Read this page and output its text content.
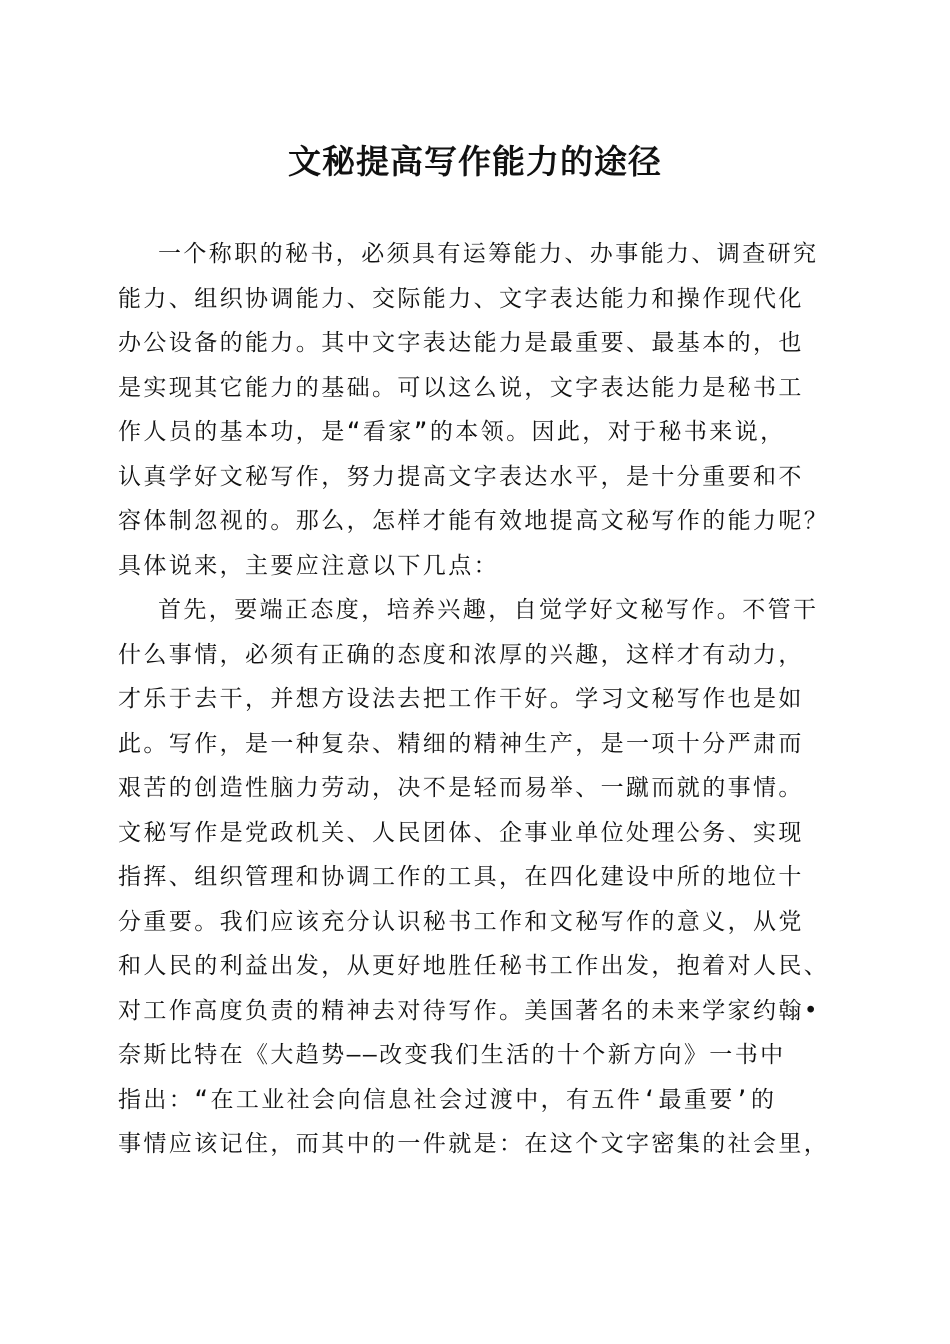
文秘提高写作能力的途径
一个称职的秘书，必须具有运筹能力、办事能力、调查研究
能力、组织协调能力、交际能力、文字表达能力和操作现代化
办公设备的能力。其中文字表达能力是最重要、最基本的，也
是实现其它能力的基础。可以这么说，文字表达能力是秘书工
作人员的基本功，是“看家”的本领。因此，对于秘书来说，
认真学好文秘写作，努力提高文字表达水平，是十分重要和不
容体制忽视的。那么，怎样才能有效地提高文秘写作的能力呢？
具体说来，主要应注意以下几点：
首先，要端正态度，培养兴趣，自觉学好文秘写作。不管干
什么事情，必须有正确的态度和浓厚的兴趣，这样才有动力，
才乐于去干，并想方设法去把工作干好。学习文秘写作也是如
此。写作，是一种复杂、精细的精神生产，是一项十分严肃而
艰苦的创造性脑力劳动，决不是轻而易举、一蹴而就的事情。
文秘写作是党政机关、人民团体、企事业单位处理公务、实现
指挥、组织管理和协调工作的工具，在四化建设中所的地位十
分重要。我们应该充分认识秘书工作和文秘写作的意义，从党
和人民的利益出发，从更好地胜任秘书工作出发，抱着对人民、
对工作高度负责的精神去对待写作。美国著名的未来学家约翰•
奈斯比特在《大趋势——改变我们生活的十个新方向》一书中
指出：“在工业社会向信息社会过渡中，有五件‘最重要’的
事情应该记住，而其中的一件就是：在这个文字密集的社会里，
